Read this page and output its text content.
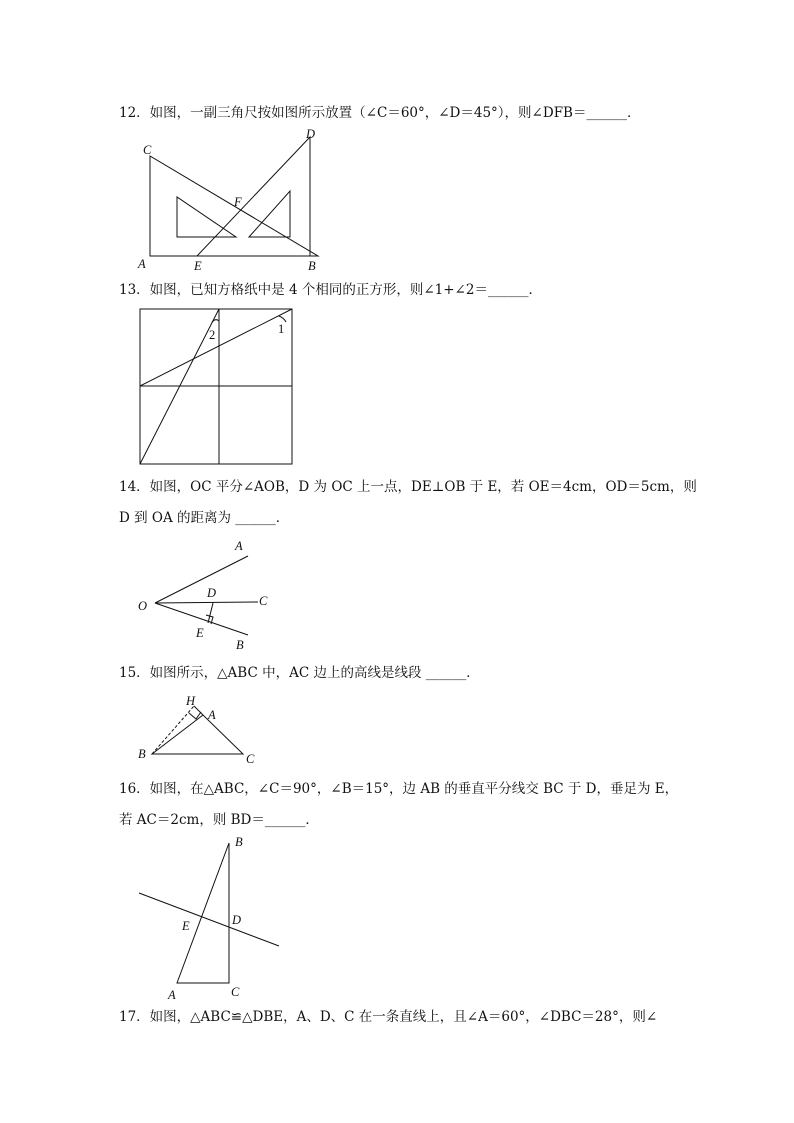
12．如图，一副三角尺按如图所示放置（∠C＝60°，∠D＝45°），则∠DFB＝______．
C
A
D
E	B
F
13．如图，已知方格纸中是 4 个相同的正方形，则∠1+∠2＝______．
2	1
14．如图，OC 平分∠AOB，D 为 OC 上一点，DE⊥OB 于 E，若 OE＝4cm，OD＝5cm，则
D 到 OA 的距离为 ______．
O
A
D
C
E
B
15．如图所示，△ABC 中，AC 边上的高线是线段 ______．
H
A
B	C
16．如图，在△ABC，∠C＝90°，∠B＝15°，边 AB 的垂直平分线交 BC 于 D，垂足为 E，
若 AC＝2cm，则 BD＝______．
B
D
E
A	C
17．如图，△ABC≌△DBE，A、D、C 在一条直线上，且∠A＝60°，∠DBC＝28°，则∠
